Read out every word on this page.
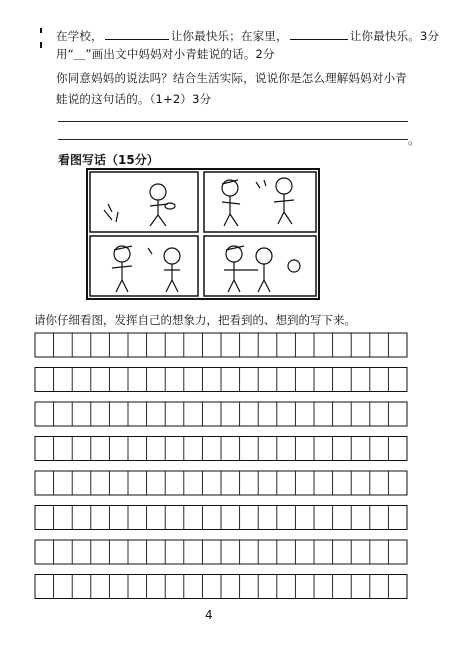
在学校，	让你最快乐；在家里，	让你最快乐。3分
用“＿”画出文中妈妈对小青蛙说的话。2分
你同意妈妈的说法吗？结合生活实际，说说你是怎么理解妈妈对小青
蛙说的这句话的。（1+2）3分
。
看图写话（15分）
请你仔细看图，发挥自己的想象力，把看到的、想到的写下来。
4
